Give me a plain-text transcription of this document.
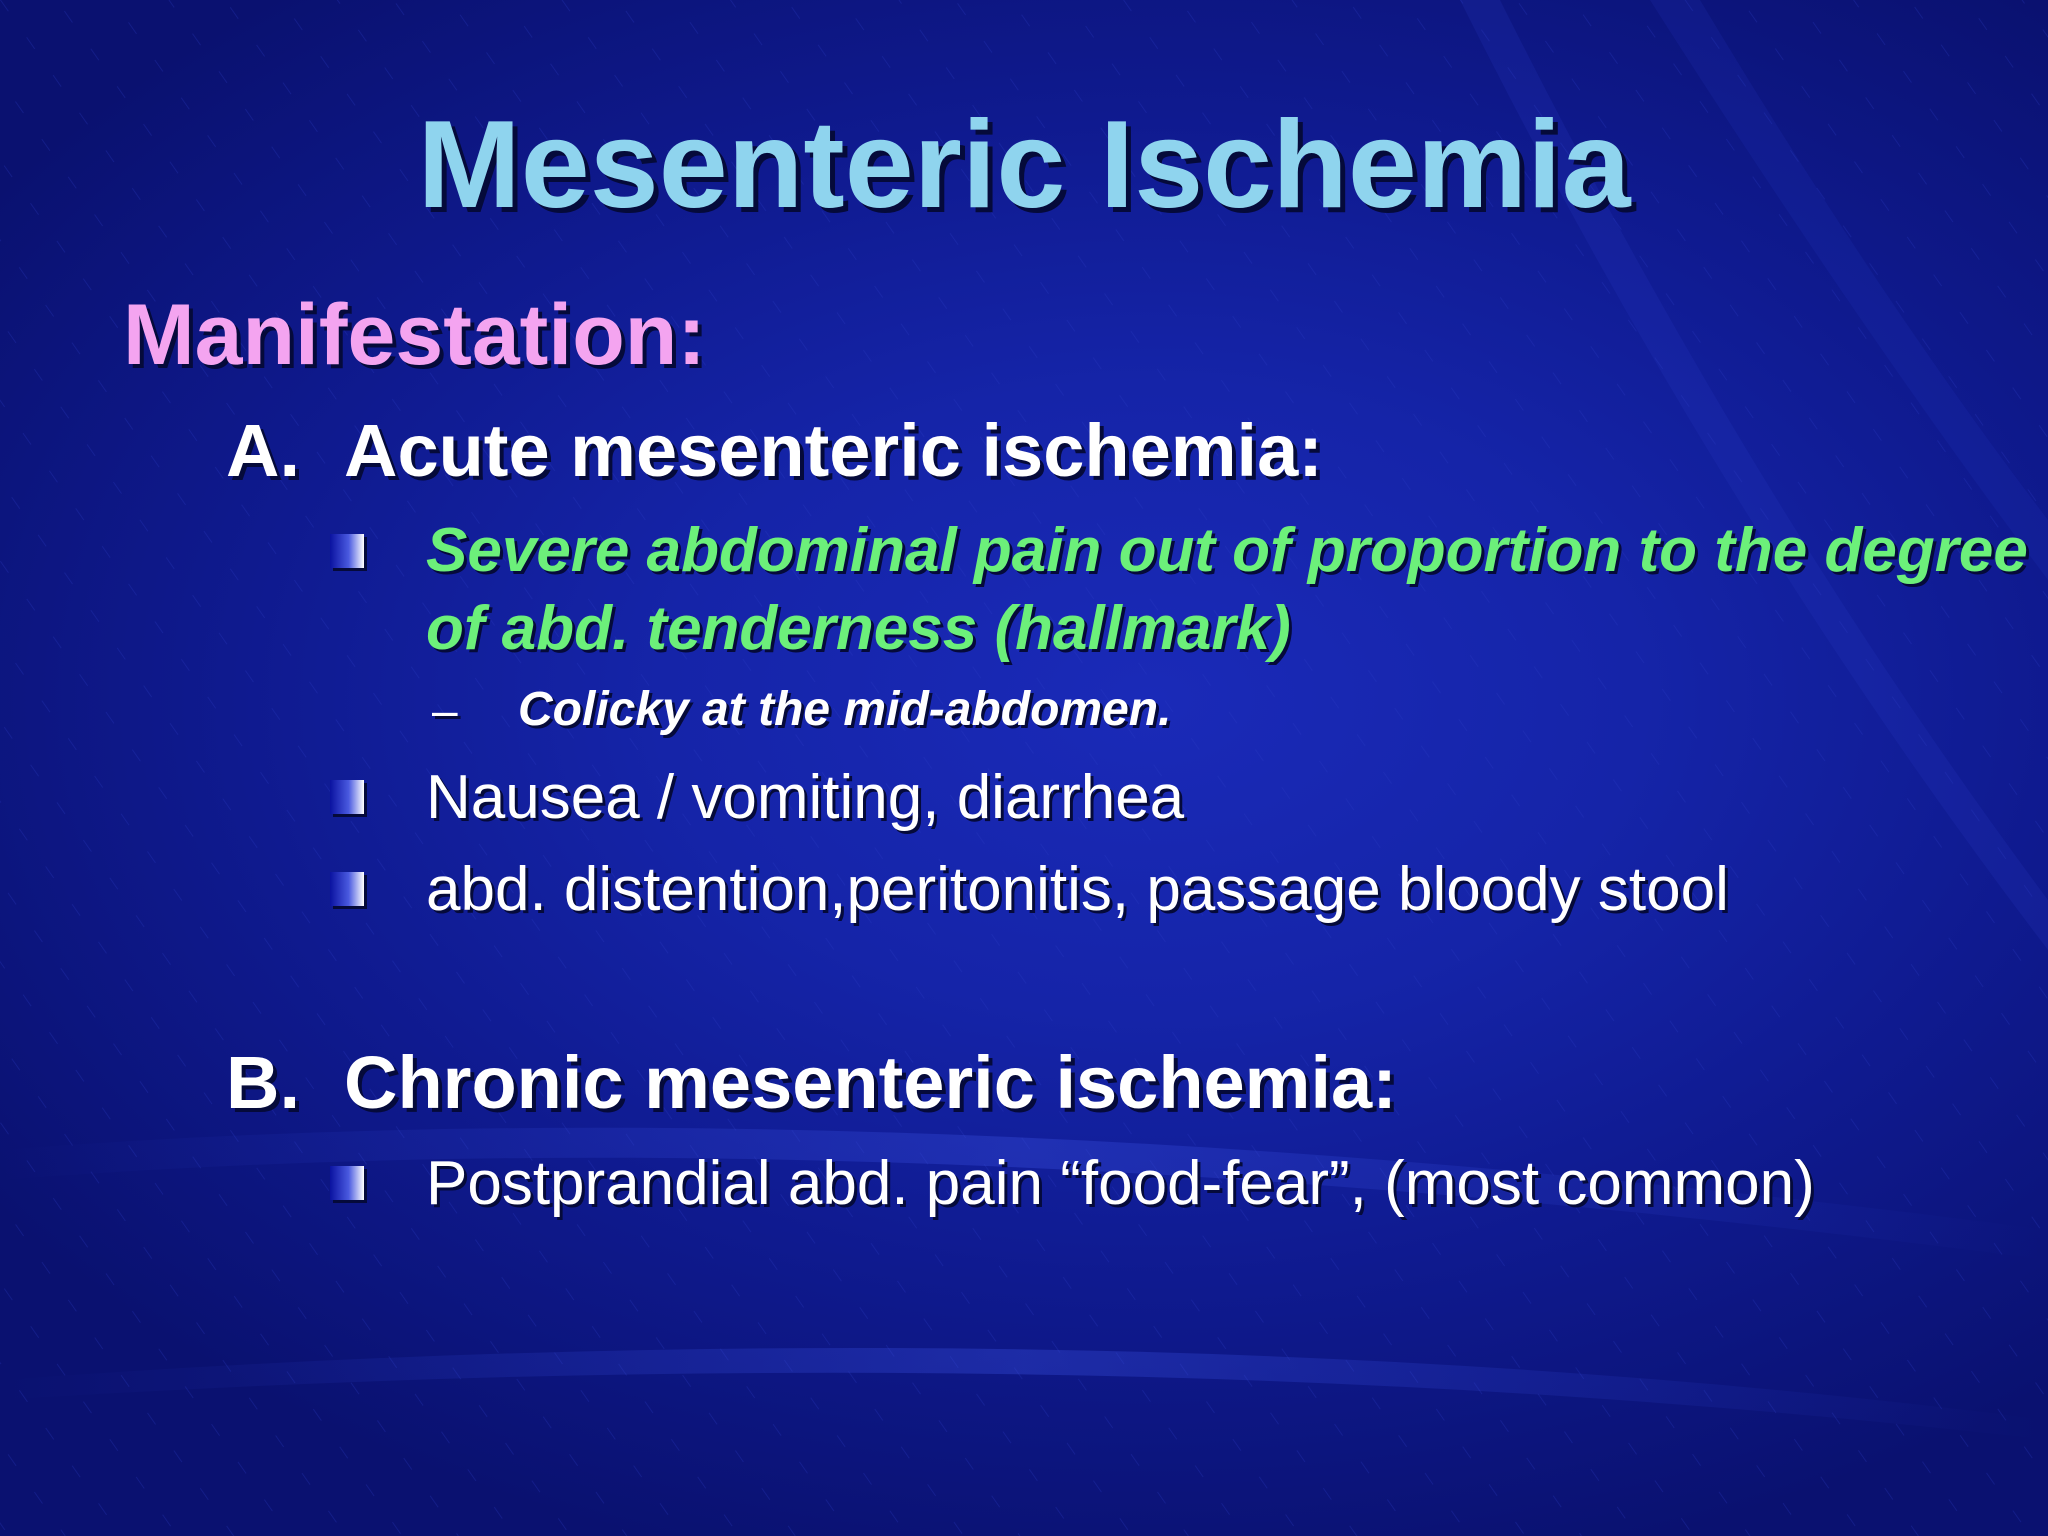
Mesenteric Ischemia
Manifestation:
A. Acute mesenteric ischemia:
Severe abdominal pain out of proportion to the degree of abd. tenderness (hallmark)
–	Colicky at the mid-abdomen.
Nausea / vomiting, diarrhea
abd. distention,peritonitis, passage bloody stool
B. Chronic mesenteric ischemia:
Postprandial abd. pain “food-fear”, (most common)
